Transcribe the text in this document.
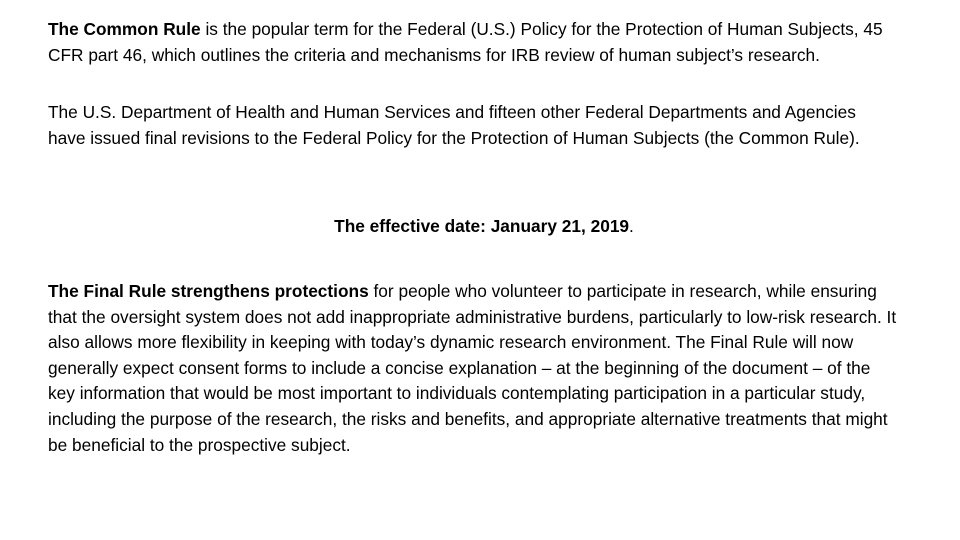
The Common Rule is the popular term for the Federal (U.S.) Policy for the Protection of Human Subjects, 45 CFR part 46, which outlines the criteria and mechanisms for IRB review of human subject’s research.

The U.S. Department of Health and Human Services and fifteen other Federal Departments and Agencies have issued final revisions to the Federal Policy for the Protection of Human Subjects (the Common Rule).

The effective date: January 21, 2019.

The Final Rule strengthens protections for people who volunteer to participate in research, while ensuring that the oversight system does not add inappropriate administrative burdens, particularly to low-risk research. It also allows more flexibility in keeping with today’s dynamic research environment. The Final Rule will now generally expect consent forms to include a concise explanation – at the beginning of the document – of the key information that would be most important to individuals contemplating participation in a particular study, including the purpose of the research, the risks and benefits, and appropriate alternative treatments that might be beneficial to the prospective subject.
